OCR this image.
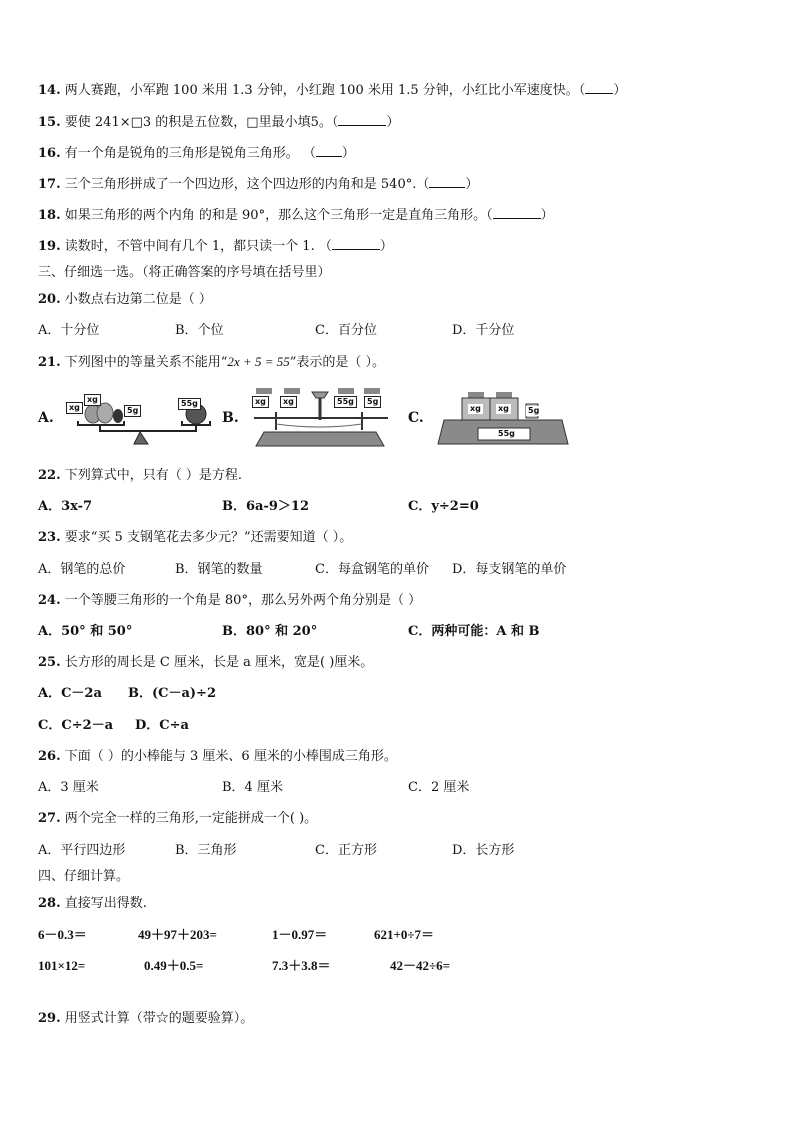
14. 两人赛跑，小军跑 100 米用 1.3 分钟，小红跑 100 米用 1.5 分钟，小红比小军速度快。（ ）
15. 要使 241×□3 的积是五位数，□里最小填5。（	）
16. 有一个角是锐角的三角形是锐角三角形。 （ ）
17. 三个三角形拼成了一个四边形，这个四边形的内角和是 540°.（	）
18. 如果三角形的两个内角 的和是 90°，那么这个三角形一定是直角三角形。（	）
19. 读数时，不管中间有几个 1，都只读一个 1. （	）
三、仔细选一选。（将正确答案的序号填在括号里）
20. 小数点右边第二位是（ ）
A．十分位	B．个位	C．百分位	D．千分位
21. 下列图中的等量关系不能用“2x + 5 = 55”表示的是（ ）。
A.
xg
xg
5g
55g
B.
xg	xg	55g	5g
C.
xg xg 5g
55g
22. 下列算式中，只有（ ）是方程.
A．3x-7	B．6a-9＞12	C．y÷2=0
23. 要求“买 5 支钢笔花去多少元？”还需要知道（ ）。
A．钢笔的总价	B．钢笔的数量	C．每盒钢笔的单价 D．每支钢笔的单价
24. 一个等腰三角形的一个角是 80°，那么另外两个角分别是（ ）
A．50° 和 50°	B．80° 和 20°	C．两种可能：A 和 B
25. 长方形的周长是 C 厘米，长是 a 厘米，宽是( )厘米。
A．C－2a B．(C－a)÷2
C．C÷2－a D．C÷a
26. 下面（ ）的小棒能与 3 厘米、6 厘米的小棒围成三角形。
A．3 厘米	B．4 厘米	C．2 厘米
27. 两个完全一样的三角形,一定能拼成一个( )。
A．平行四边形	B．三角形	C．正方形	D．长方形
四、仔细计算。
28. 直接写出得数.
6－0.3＝	49＋97＋203=	1－0.97＝	621+0÷7＝
101×12=	0.49＋0.5=	7.3＋3.8＝	42－42÷6=
29. 用竖式计算（带☆的题要验算）。
